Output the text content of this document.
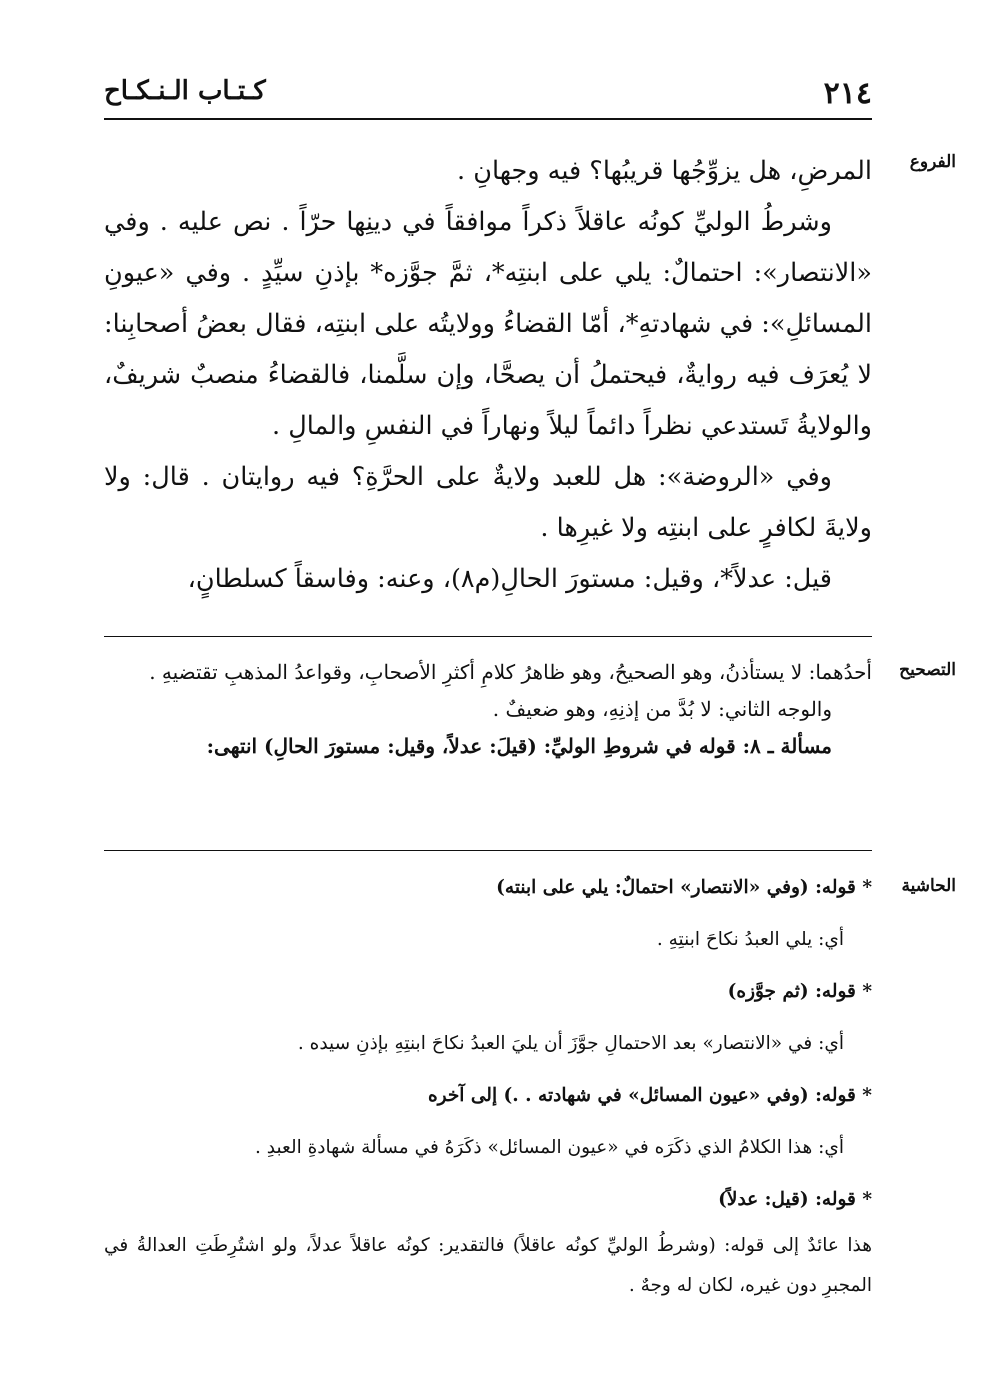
٢١٤
كـتـاب الـنـكـاح
الفروع

المرضِ، هل يزوِّجُها قريبُها؟ فيه وجهانِ .

وشرطُ الوليِّ كونُه عاقلاً ذكراً موافقاً في دينِها حرّاً . نص عليه . وفي «الانتصار»: احتمالٌ: يلي على ابنتِه*، ثمَّ جوَّزه* بإذنِ سيِّدٍ . وفي «عيونِ المسائلِ»: في شهادتهِ*، أمّا القضاءُ وولايتُه على ابنتِه، فقال بعضُ أصحابِنا: لا يُعرَف فيه روايةٌ، فيحتملُ أن يصحَّا، وإن سلَّمنا، فالقضاءُ منصبٌ شريفٌ، والولايةُ تَستدعي نظراً دائماً ليلاً ونهاراً في النفسِ والمالِ .

وفي «الروضة»: هل للعبد ولايةٌ على الحرَّةِ؟ فيه روايتان . قال: ولا ولايةَ لكافرٍ على ابنتِه ولا غيرِها .

قيل: عدلاً*، وقيل: مستورَ الحالِ(م٨)، وعنه: وفاسقاً كسلطانٍ،

التصحيح

أحدُهما: لا يستأذنُ، وهو الصحيحُ، وهو ظاهرُ كلامِ أكثرِ الأصحابِ، وقواعدُ المذهبِ تقتضيهِ .

والوجه الثاني: لا بُدَّ من إذنِهِ، وهو ضعيفٌ .

مسألة ـ ٨: قوله في شروطِ الوليِّ: (قيلَ: عدلاً، وقيل: مستورَ الحالِ) انتهى:

الحاشية

* قوله: (وفي «الانتصار» احتمالٌ: يلي على ابنته)

أي: يلي العبدُ نكاحَ ابنتِهِ .

* قوله: (ثم جوَّزه)

أي: في «الانتصار» بعد الاحتمالِ جوَّزَ أن يليَ العبدُ نكاحَ ابنتِهِ بإذنِ سيده .

* قوله: (وفي «عيون المسائل» في شهادته . .) إلى آخره

أي: هذا الكلامُ الذي ذكَرَه في «عيون المسائل» ذكَرَهُ في مسألة شهادةِ العبدِ .

* قوله: (قيل: عدلاً)

هذا عائدٌ إلى قوله: (وشرطُ الوليِّ كونُه عاقلاً) فالتقدير: كونُه عاقلاً عدلاً، ولو اشتُرِطَتِ العدالةُ في المجبرِ دون غيره، لكان له وجهٌ .
